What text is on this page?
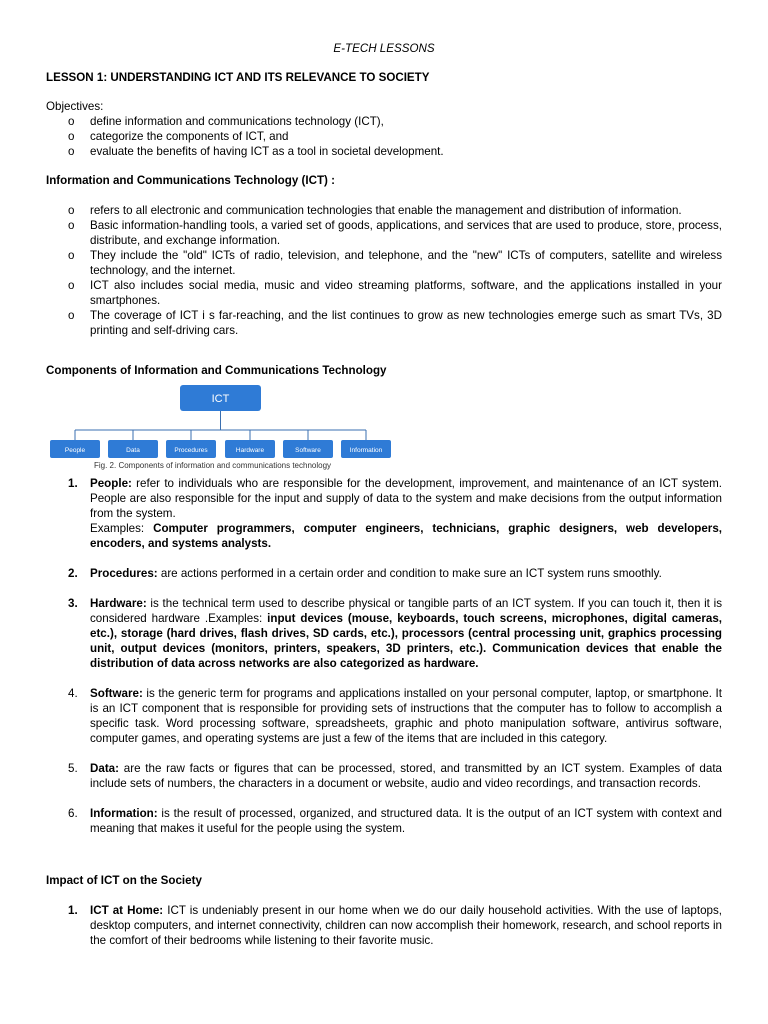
E-TECH LESSONS
LESSON 1: UNDERSTANDING ICT AND ITS RELEVANCE TO SOCIETY
Objectives:
o define information and communications technology (ICT),
o categorize the components of ICT, and
o evaluate the benefits of having ICT as a tool in societal development.
Information and Communications Technology (ICT) :
o refers to all electronic and communication technologies that enable the management and distribution of information.
o Basic information-handling tools, a varied set of goods, applications, and services that are used to produce, store, process, distribute, and exchange information.
o They include the "old" ICTs of radio, television, and telephone, and the "new" ICTs of computers, satellite and wireless technology, and the internet.
o ICT also includes social media, music and video streaming platforms, software, and the applications installed in your smartphones.
o The coverage of ICT i s far-reaching, and the list continues to grow as new technologies emerge such as smart TVs, 3D printing and self-driving cars.
Components of Information and Communications Technology
ICT
People	Data	Procedures	Hardware	Software	Information
Fig. 2. Components of information and communications technology
1. People: refer to individuals who are responsible for the development, improvement, and maintenance of an ICT system. People are also responsible for the input and supply of data to the system and make decisions from the output information from the system.
Examples: Computer programmers, computer engineers, technicians, graphic designers, web developers, encoders, and systems analysts.
2. Procedures: are actions performed in a certain order and condition to make sure an ICT system runs smoothly.
3. Hardware: is the technical term used to describe physical or tangible parts of an ICT system. If you can touch it, then it is considered hardware .Examples: input devices (mouse, keyboards, touch screens, microphones, digital cameras, etc.), storage (hard drives, flash drives, SD cards, etc.), processors (central processing unit, graphics processing unit, output devices (monitors, printers, speakers, 3D printers, etc.). Communication devices that enable the distribution of data across networks are also categorized as hardware.
4. Software: is the generic term for programs and applications installed on your personal computer, laptop, or smartphone. It is an ICT component that is responsible for providing sets of instructions that the computer has to follow to accomplish a specific task. Word processing software, spreadsheets, graphic and photo manipulation software, antivirus software, computer games, and operating systems are just a few of the items that are included in this category.
5. Data: are the raw facts or figures that can be processed, stored, and transmitted by an ICT system. Examples of data include sets of numbers, the characters in a document or website, audio and video recordings, and transaction records.
6. Information: is the result of processed, organized, and structured data. It is the output of an ICT system with context and meaning that makes it useful for the people using the system.
Impact of ICT on the Society
1. ICT at Home: ICT is undeniably present in our home when we do our daily household activities. With the use of laptops, desktop computers, and internet connectivity, children can now accomplish their homework, research, and school reports in the comfort of their bedrooms while listening to their favorite music.
